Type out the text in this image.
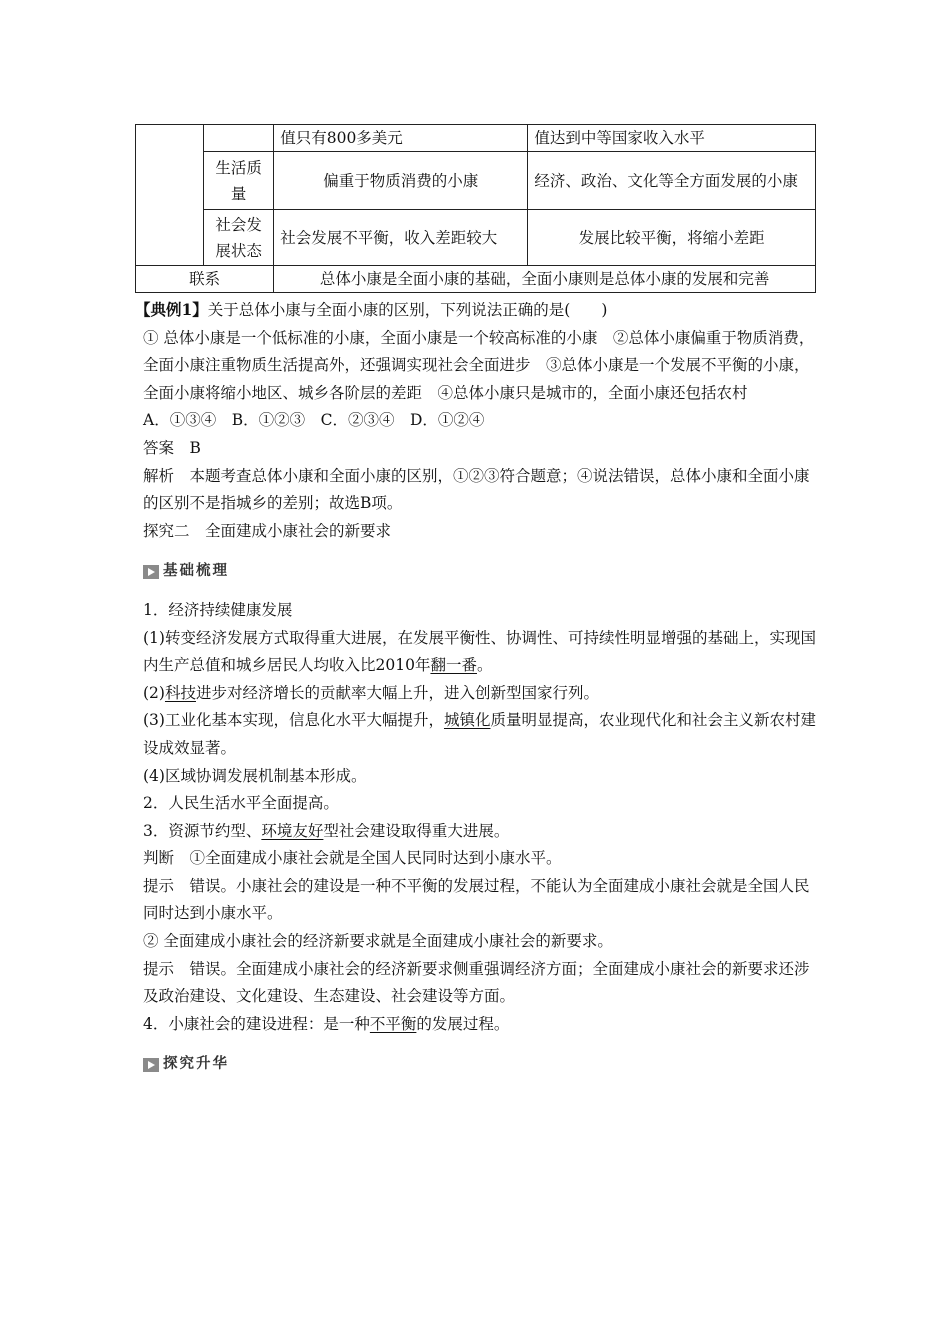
		值只有800多美元	值达到中等国家收入水平
	生活质量	偏重于物质消费的小康	经济、政治、文化等全方面发展的小康
	社会发展状态	社会发展不平衡，收入差距较大	发展比较平衡，将缩小差距
联系		总体小康是全面小康的基础，全面小康则是总体小康的发展和完善	

【典例1】关于总体小康与全面小康的区别，下列说法正确的是(　　)

① 总体小康是一个低标准的小康，全面小康是一个较高标准的小康　②总体小康偏重于物质消费，全面小康注重物质生活提高外，还强调实现社会全面进步　③总体小康是一个发展不平衡的小康，全面小康将缩小地区、城乡各阶层的差距　④总体小康只是城市的，全面小康还包括农村

A．①③④　B．①②③　C．②③④　D．①②④

答案　B

解析　本题考查总体小康和全面小康的区别，①②③符合题意；④说法错误，总体小康和全面小康的区别不是指城乡的差别；故选B项。

探究二　全面建成小康社会的新要求

基础梳理

1．经济持续健康发展

(1)转变经济发展方式取得重大进展，在发展平衡性、协调性、可持续性明显增强的基础上，实现国内生产总值和城乡居民人均收入比2010年翻一番。

(2)科技进步对经济增长的贡献率大幅上升，进入创新型国家行列。

(3)工业化基本实现，信息化水平大幅提升，城镇化质量明显提高，农业现代化和社会主义新农村建设成效显著。

(4)区域协调发展机制基本形成。

2．人民生活水平全面提高。

3．资源节约型、环境友好型社会建设取得重大进展。

判断　①全面建成小康社会就是全国人民同时达到小康水平。

提示　错误。小康社会的建设是一种不平衡的发展过程，不能认为全面建成小康社会就是全国人民同时达到小康水平。

② 全面建成小康社会的经济新要求就是全面建成小康社会的新要求。

提示　错误。全面建成小康社会的经济新要求侧重强调经济方面；全面建成小康社会的新要求还涉及政治建设、文化建设、生态建设、社会建设等方面。

4．小康社会的建设进程：是一种不平衡的发展过程。

探究升华
